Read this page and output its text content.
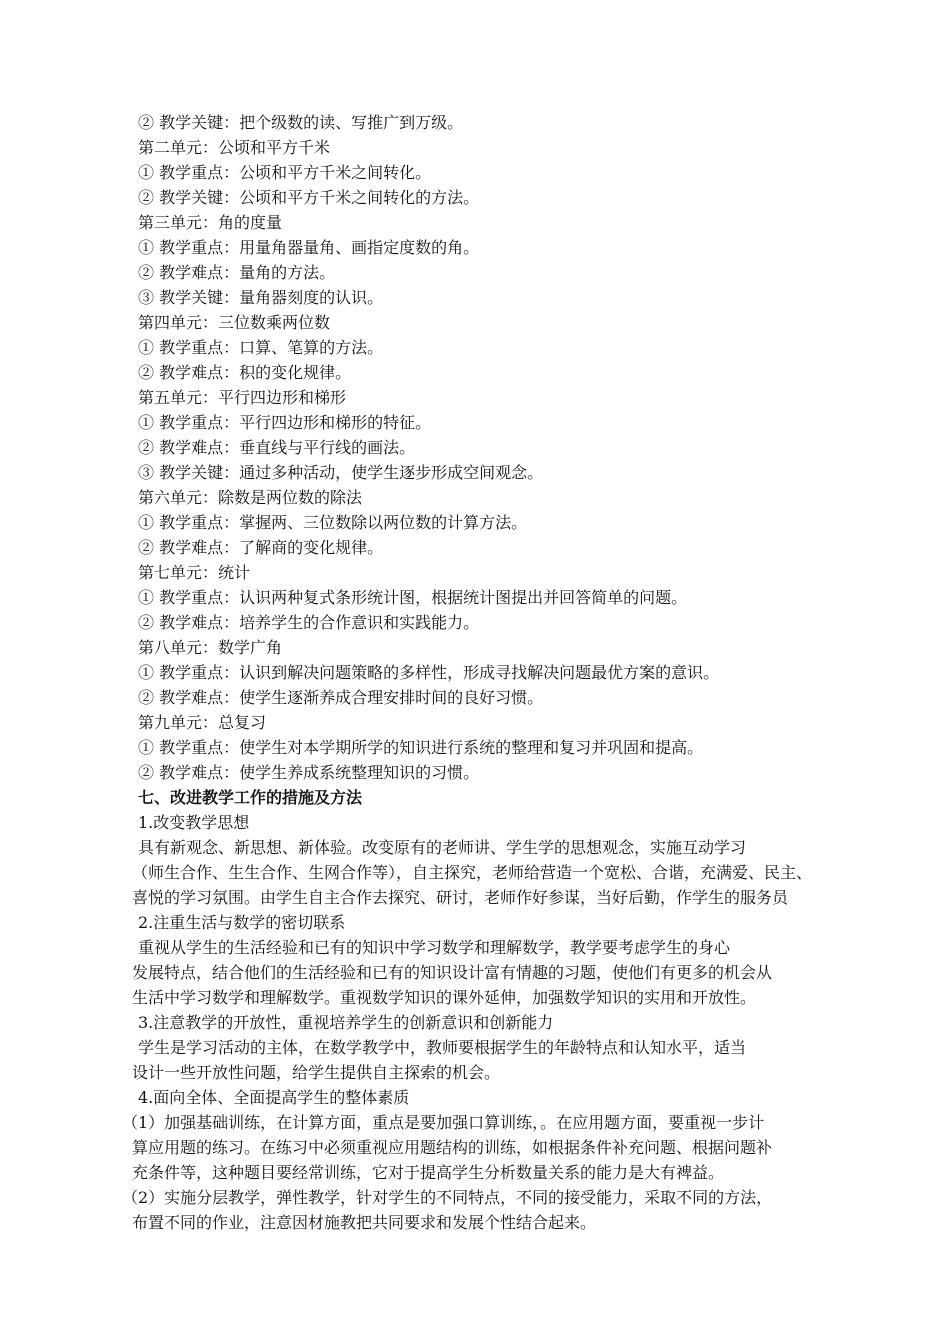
② 教学关键：把个级数的读、写推广到万级。
第二单元：公顷和平方千米
① 教学重点：公顷和平方千米之间转化。
② 教学关键：公顷和平方千米之间转化的方法。
第三单元：角的度量
① 教学重点：用量角器量角、画指定度数的角。
② 教学难点：量角的方法。
③ 教学关键：量角器刻度的认识。
第四单元：三位数乘两位数
① 教学重点：口算、笔算的方法。
② 教学难点：积的变化规律。
第五单元：平行四边形和梯形
① 教学重点：平行四边形和梯形的特征。
② 教学难点：垂直线与平行线的画法。
③ 教学关键：通过多种活动，使学生逐步形成空间观念。
第六单元：除数是两位数的除法
① 教学重点：掌握两、三位数除以两位数的计算方法。
② 教学难点：了解商的变化规律。
第七单元：统计
① 教学重点：认识两种复式条形统计图，根据统计图提出并回答简单的问题。
② 教学难点：培养学生的合作意识和实践能力。
第八单元：数学广角
① 教学重点：认识到解决问题策略的多样性，形成寻找解决问题最优方案的意识。
② 教学难点：使学生逐渐养成合理安排时间的良好习惯。
第九单元：总复习
① 教学重点：使学生对本学期所学的知识进行系统的整理和复习并巩固和提高。
② 教学难点：使学生养成系统整理知识的习惯。
七、改进教学工作的措施及方法
1.改变教学思想
具有新观念、新思想、新体验。改变原有的老师讲、学生学的思想观念，实施互动学习
（师生合作、生生合作、生网合作等），自主探究，老师给营造一个宽松、合谐，充满爱、民主、
喜悦的学习氛围。由学生自主合作去探究、研讨，老师作好参谋，当好后勤，作学生的服务员
2.注重生活与数学的密切联系
重视从学生的生活经验和已有的知识中学习数学和理解数学，教学要考虑学生的身心
发展特点，结合他们的生活经验和已有的知识设计富有情趣的习题，使他们有更多的机会从
生活中学习数学和理解数学。重视数学知识的课外延伸，加强数学知识的实用和开放性。
3.注意教学的开放性，重视培养学生的创新意识和创新能力
学生是学习活动的主体，在数学教学中，教师要根据学生的年龄特点和认知水平，适当
设计一些开放性问题，给学生提供自主探索的机会。
4.面向全体、全面提高学生的整体素质
（1）加强基础训练，在计算方面，重点是要加强口算训练，。在应用题方面，要重视一步计
算应用题的练习。在练习中必须重视应用题结构的训练，如根据条件补充问题、根据问题补
充条件等，这种题目要经常训练，它对于提高学生分析数量关系的能力是大有裨益。
（2）实施分层教学，弹性教学，针对学生的不同特点，不同的接受能力，采取不同的方法，
布置不同的作业，注意因材施教把共同要求和发展个性结合起来。
